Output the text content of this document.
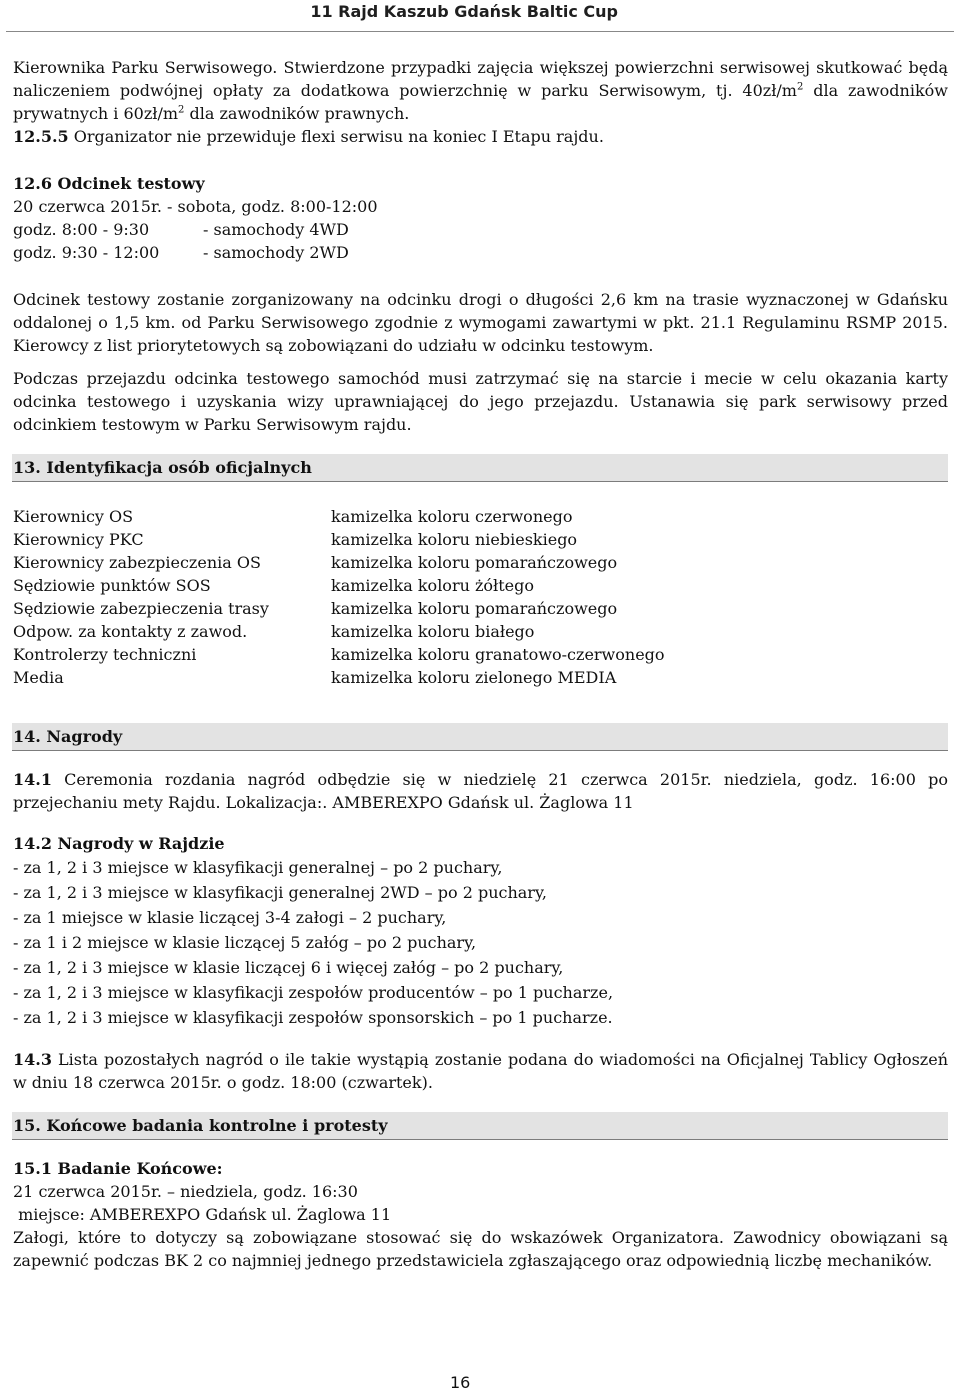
11 Rajd Kaszub Gdańsk Baltic Cup

Kierownika Parku Serwisowego. Stwierdzone przypadki zajęcia większej powierzchni serwisowej skutkować będą naliczeniem podwójnej opłaty za dodatkowa powierzchnię w parku Serwisowym, tj. $40zł/m^2$ dla zawodników prywatnych i $60zł/m^2$ dla zawodników prawnych.

12.5.5 Organizator nie przewiduje flexi serwisu na koniec I Etapu rajdu.

12.6 Odcinek testowy

20 czerwca 2015r. - sobota, godz. 8:00-12:00

godz. 8:00 - 9:30	- samochody 4WD
godz. 9:30 - 12:00	- samochody 2WD

Odcinek testowy zostanie zorganizowany na odcinku drogi o długości 2,6 km na trasie wyznaczonej w Gdańsku oddalonej o 1,5 km. od Parku Serwisowego zgodnie z wymogami zawartymi w pkt. 21.1 Regulaminu RSMP 2015. Kierowcy z list priorytetowych są zobowiązani do udziału w odcinku testowym.

Podczas przejazdu odcinka testowego samochód musi zatrzymać się na starcie i mecie w celu okazania karty odcinka testowego i uzyskania wizy uprawniającej do jego przejazdu. Ustanawia się park serwisowy przed odcinkiem testowym w Parku Serwisowym rajdu.

13. Identyfikacja osób oficjalnych
Kierownicy OS	kamizelka koloru czerwonego
Kierownicy PKC	kamizelka koloru niebieskiego
Kierownicy zabezpieczenia OS	kamizelka koloru pomarańczowego
Sędziowie punktów SOS	kamizelka koloru żółtego
Sędziowie zabezpieczenia trasy	kamizelka koloru pomarańczowego
Odpow. za kontakty z zawod.	kamizelka koloru białego
Kontrolerzy techniczni	kamizelka koloru granatowo-czerwonego
Media	kamizelka koloru zielonego MEDIA
14. Nagrody

14.1 Ceremonia rozdania nagród odbędzie się w niedzielę 21 czerwca 2015r. niedziela, godz. 16:00 po przejechaniu mety Rajdu. Lokalizacja:. AMBEREXPO Gdańsk ul. Żaglowa 11

14.2 Nagrody w Rajdzie

- za 1, 2 i 3 miejsce w klasyfikacji generalnej – po 2 puchary,

- za 1, 2 i 3 miejsce w klasyfikacji generalnej 2WD – po 2 puchary,

- za 1 miejsce w klasie liczącej 3-4 załogi – 2 puchary,

- za 1 i 2 miejsce w klasie liczącej 5 załóg – po 2 puchary,

- za 1, 2 i 3 miejsce w klasie liczącej 6 i więcej załóg – po 2 puchary,

- za 1, 2 i 3 miejsce w klasyfikacji zespołów producentów – po 1 pucharze,

- za 1, 2 i 3 miejsce w klasyfikacji zespołów sponsorskich – po 1 pucharze.

14.3 Lista pozostałych nagród o ile takie wystąpią zostanie podana do wiadomości na Oficjalnej Tablicy Ogłoszeń w dniu 18 czerwca 2015r. o godz. 18:00 (czwartek).

15. Końcowe badania kontrolne i protesty

15.1 Badanie Końcowe:

21 czerwca 2015r. – niedziela, godz. 16:30

miejsce: AMBEREXPO Gdańsk ul. Żaglowa 11

Załogi, które to dotyczy są zobowiązane stosować się do wskazówek Organizatora. Zawodnicy obowiązani są zapewnić podczas BK 2 co najmniej jednego przedstawiciela zgłaszającego oraz odpowiednią liczbę mechaników.

16
